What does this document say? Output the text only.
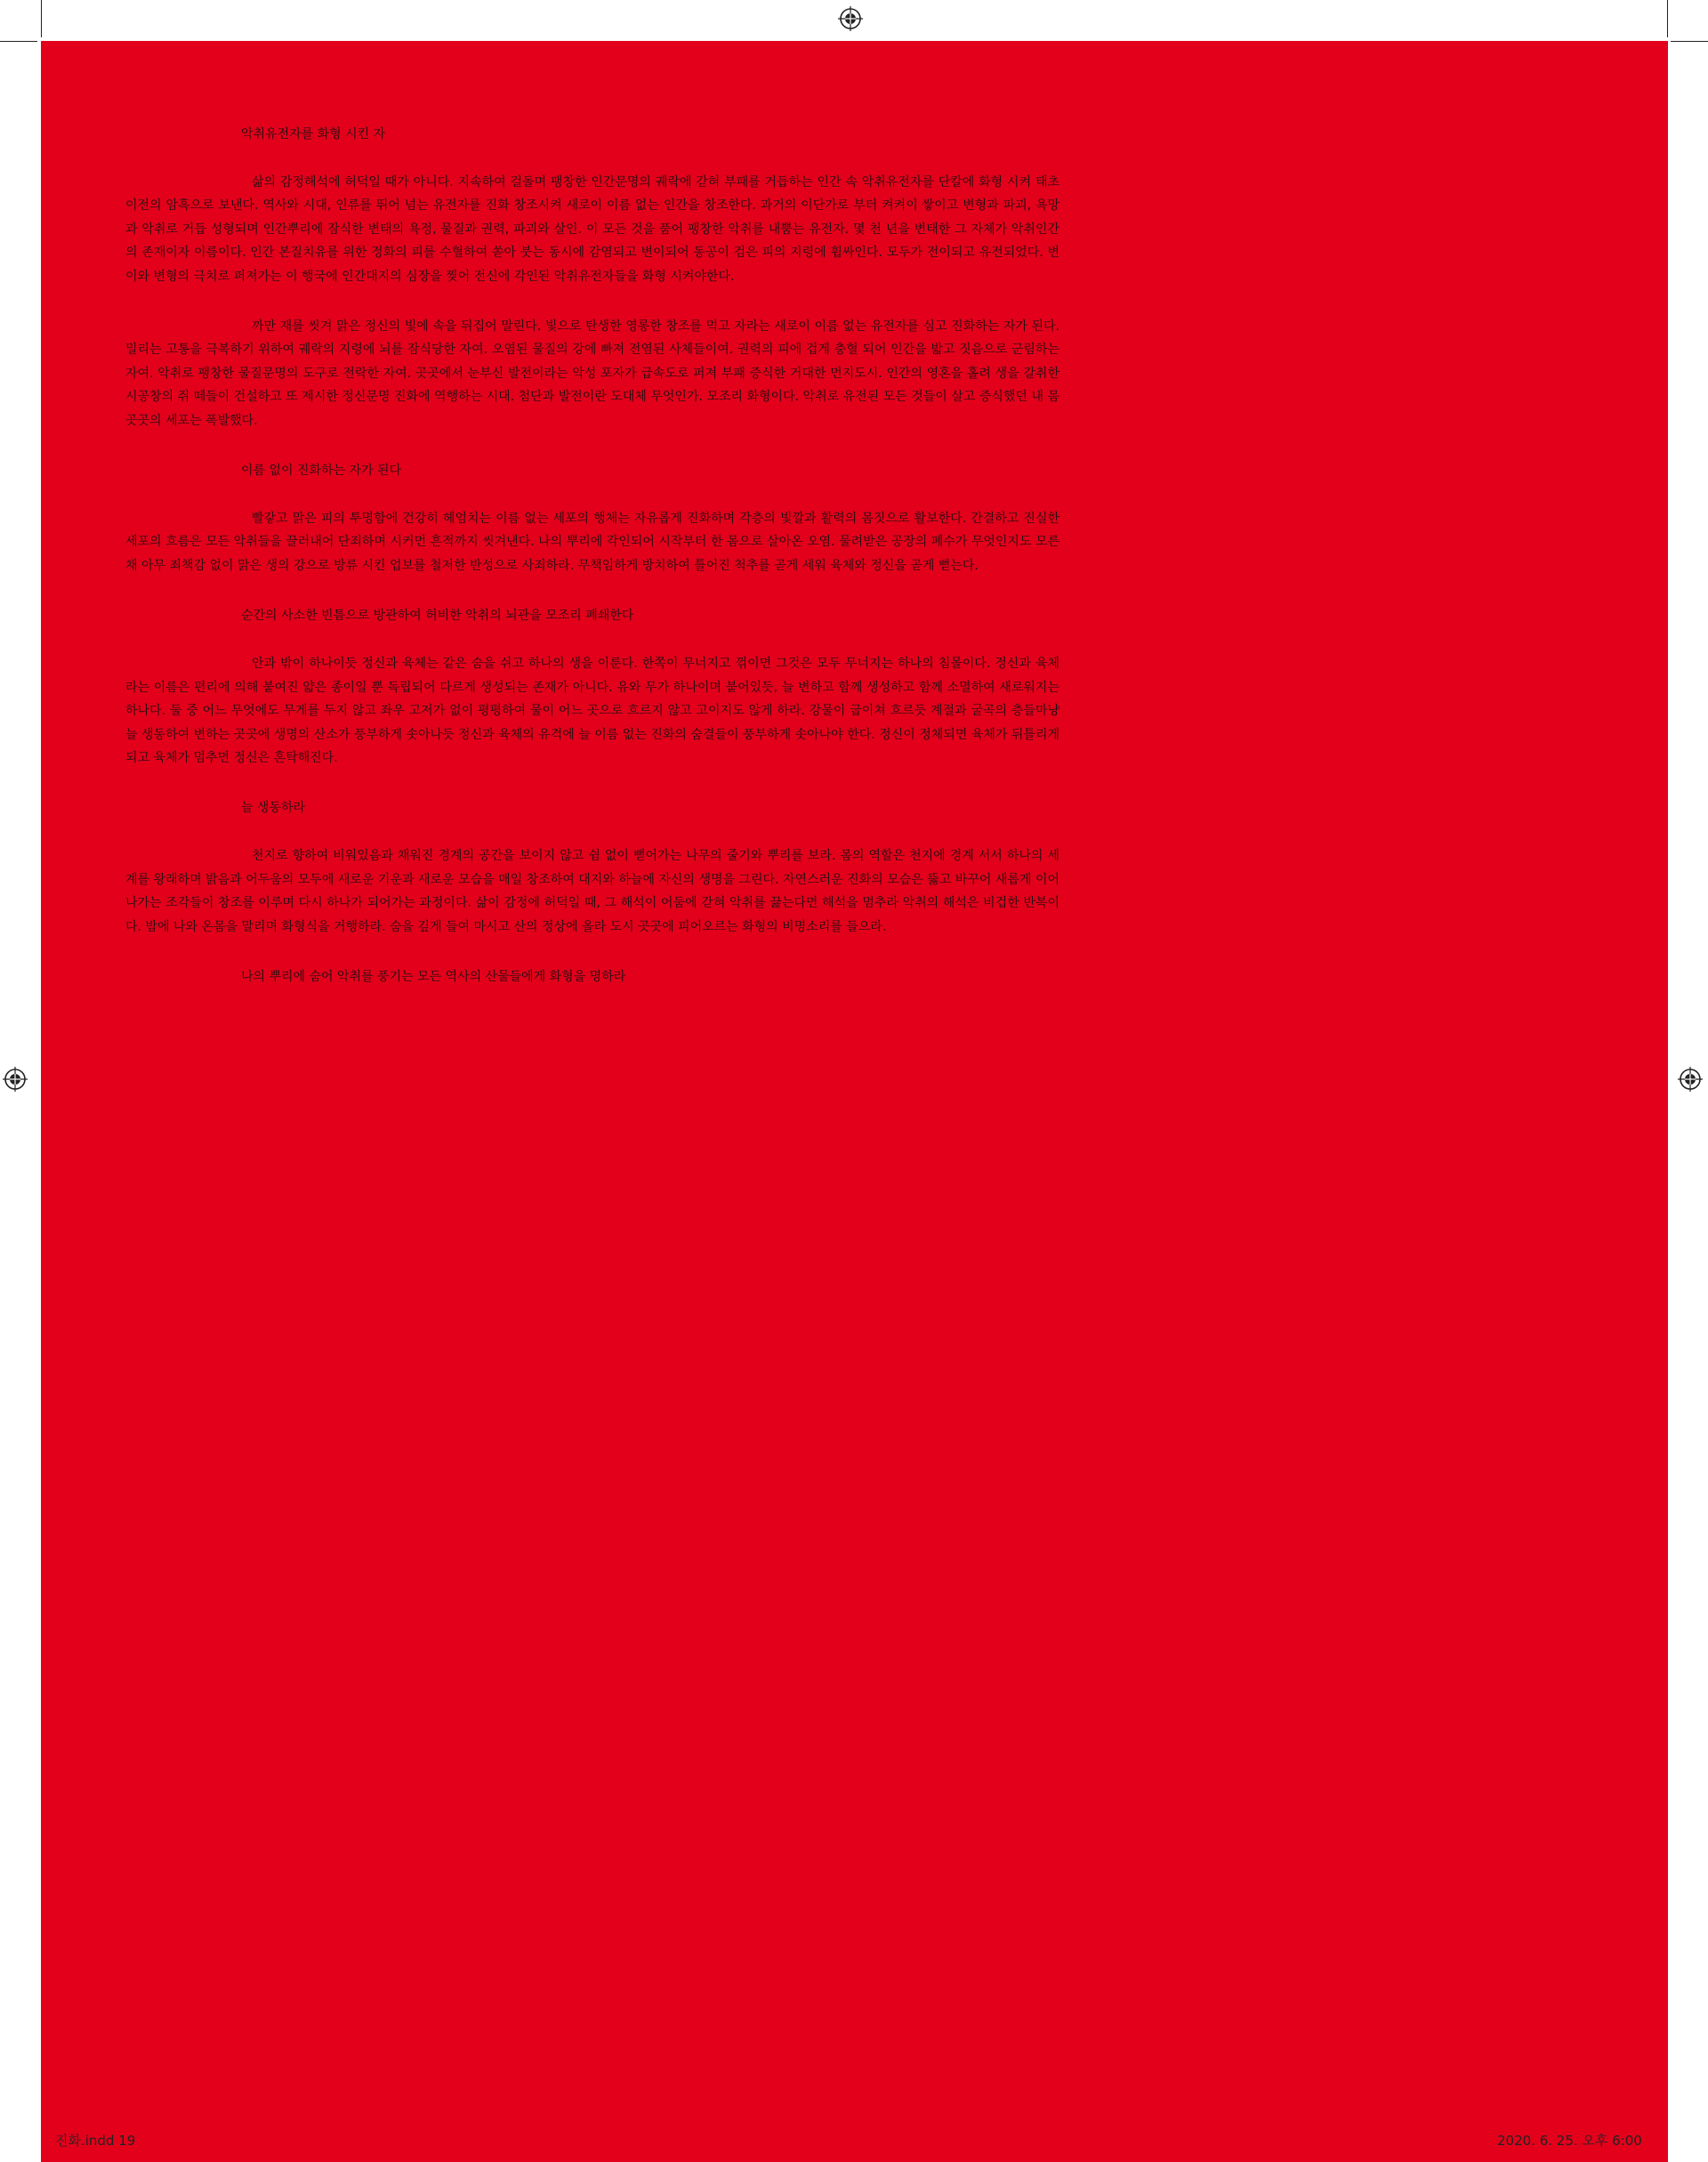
악취유전자를 화형 시킨 자

삶의 감정해석에 허덕일 때가 아니다. 지속하여 걸돌며 팽창한 인간문명의 궤락에 갇혀 부패를 거듭하는 인간 속 악취유전자를 단칼에 화형 시켜 태초 이전의 암흑으로 보낸다. 역사와 시대, 인류를 뛰어 넘는 유전자를 진화 창조시켜 새로이 이름 없는 인간을 창조한다. 과거의 이단가로 부터 켜켜이 쌓이고 변형과 파괴, 욕망과 악취로 거듭 성형되며 인간뿌리에 잠식한 변태의 욕정, 물질과 권력, 파괴와 살인. 이 모든 것을 품어 팽창한 악취를 내뿜는 유전자. 몇 천 년을 변태한 그 자체가 악취인간의 존재이자 이름이다. 인간 본질치유를 위한 정화의 피를 수혈하여 쏟아 붓는 동시에 감염되고 변이되어 동공이 검은 피의 지령에 휩싸인다. 모두가 전이되고 유전되었다. 변이와 변형의 극치로 퍼져가는 이 행국에 인간대지의 심장을 찢어 전신에 각인된 악취유전자들을 화형 시켜야한다.

까만 재를 씻겨 맑은 정신의 빛에 속을 뒤집어 말린다. 빛으로 탄생한 영롱한 창조를 먹고 자라는 새로이 이름 없는 유전자를 심고 진화하는 자가 된다. 밀리는 고통을 극복하기 위하여 궤락의 지령에 뇌를 잠식당한 자여. 오염된 물질의 강에 빠져 전염된 사체들이여. 권력의 피에 겁게 충혈 되어 인간을 밟고 짓음으로 군림하는 자여. 악취로 팽창한 물질문명의 도구로 전락한 자여. 곳곳에서 눈부신 발전이라는 악성 포자가 급속도로 퍼져 부패 증식한 거대한 먼지도시. 인간의 영혼을 홀려 생을 갈취한 시공창의 쥐 떼들이 건설하고 또 제시한 정신문명 진화에 역행하는 시대. 첨단과 발전이란 도대체 무엇인가. 모조리 화형이다. 악취로 유전된 모든 것들이 살고 증식했던 내 몸 곳곳의 세포는 폭발했다.

이름 없이 진화하는 자가 된다

빨갛고 맑은 피의 투명함에 건강히 헤엄치는 이름 없는 세포의 행체는 자유롭게 진화하며 각층의 빛깔과 활력의 몸짓으로 활보한다. 간결하고 진실한 세포의 흐름은 모든 악취들을 끌러내어 단죄하며 시커먼 흔적까지 씻겨낸다. 나의 뿌리에 각인되어 시작부터 한 몸으로 살아온 오염. 물려받은 공장의 폐수가 무엇인지도 모른 채 아무 죄책감 없이 맑은 생의 강으로 방류 시킨 업보를 철저한 반성으로 사죄하라. 무책임하게 방치하여 틀어진 척추를 곧게 세워 육체와 정신을 곧게 뻗는다.

순간의 사소한 빈틈으로 방관하여 허비한 악취의 뇌관을 모조리 폐쇄한다

안과 밖이 하나이듯 정신과 육체는 같은 숨을 쉬고 하나의 생을 이룬다. 한쪽이 무너지고 꺾이면 그것은 모두 무너지는 하나의 침몰이다. 정신과 육체라는 이름은 편리에 의해 붙여진 얇은 종이일 뿐 독립되어 다르게 생성되는 존재가 아니다. 유와 무가 하나이며 붙어있듯, 늘 변하고 함께 생성하고 함께 소멸하여 새로워지는 하나다. 둘 중 어느 무엇에도 무게를 두지 않고 좌우 고저가 없이 평평하여 물이 어느 곳으로 흐르지 않고 고이지도 않게 하라. 강물이 굽이쳐 흐르듯 계절과 굴곡의 층들마냥 늘 생동하여 변하는 곳곳에 생명의 산소가 풍부하게 솟아나듯 정신과 육체의 유격에 늘 이름 없는 진화의 숨결들이 풍부하게 솟아나야 한다. 정신이 정체되면 육체가 뒤틀리게 되고 육체가 멈추면 정신은 혼탁해진다.

늘 생동하라

천지로 향하여 비워있음과 채워진 경계의 공간을 보이지 않고 쉼 없이 뻗어가는 나무의 줄기와 뿌리를 보라. 몸의 역할은 천지에 경계 서서 하나의 세계를 왕래하며 밝음과 어두움의 모두에 새로운 기운과 새로운 모습을 매일 창조하여 대지와 하늘에 자신의 생명을 그린다. 자연스러운 진화의 모습은 뚫고 바꾸어 새롭게 이어나가는 조각들이 창조를 이루며 다시 하나가 되어가는 과정이다. 삶이 감정에 허덕일 때, 그 해석이 어둠에 갇혀 악취를 끓는다면 해석을 멈추라 악취의 해석은 비겁한 반복이다. 밤에 나와 온몸을 말리며 화형식을 거행하라. 숨을 깊게 들여 마시고 산의 정상에 올라 도시 곳곳에 피어오르는 화형의 비명소리를 들으라.

나의 뿌리에 숨어 악취를 풍기는 모든 역사의 산물들에게 화형을 명하라
진화.indd 19	2020. 6. 25. 오후 6:00
